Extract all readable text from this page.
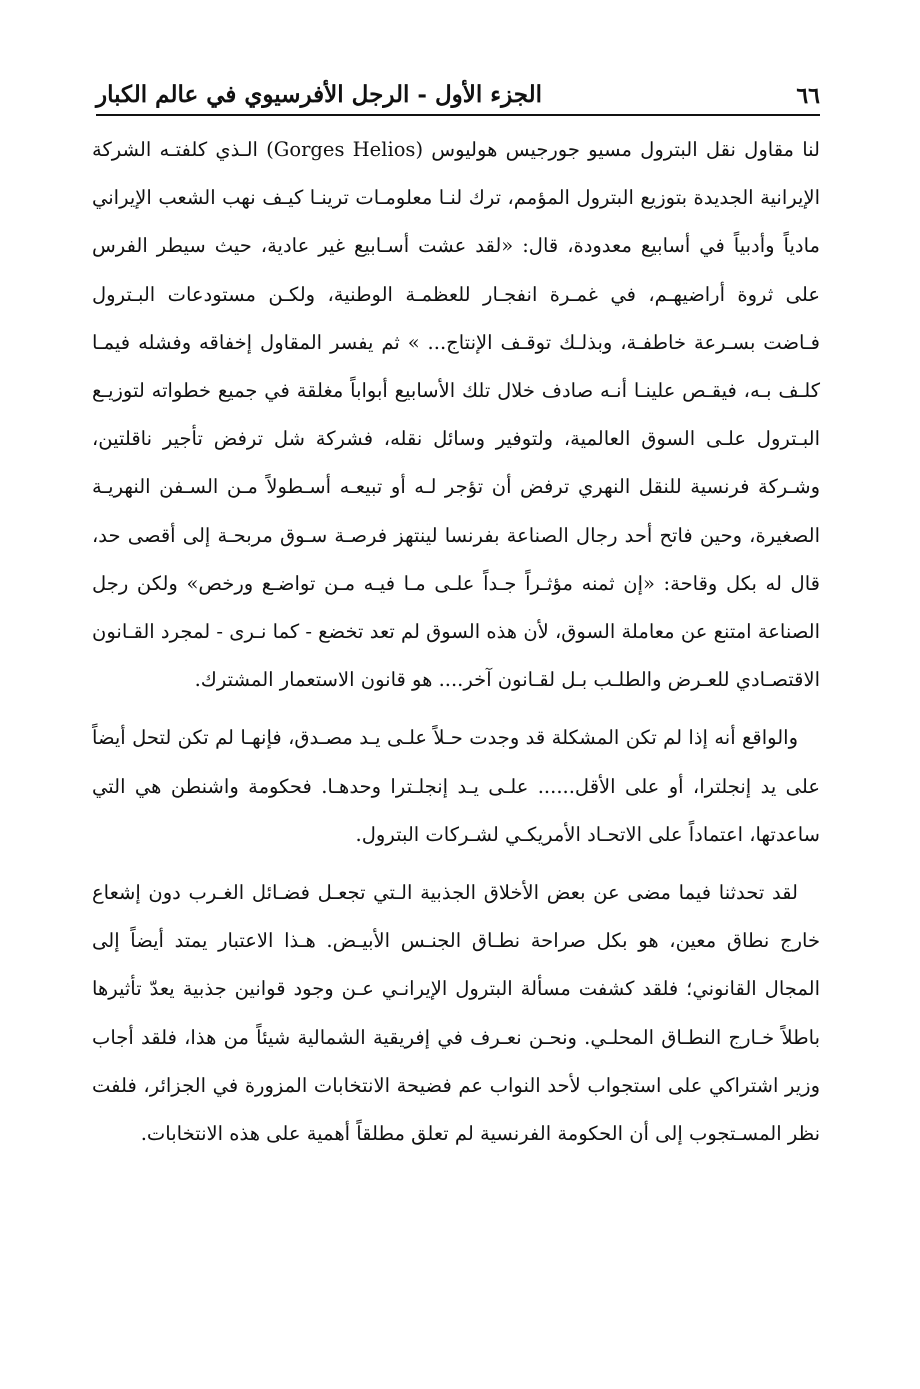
٦٦
الجزء الأول - الرجل الأفرسيوي في عالم الكبار

لنا مقاول نقل البترول مسيو جورجيس هوليوس (Gorges Helios) الـذي كلفتـه الشركة الإيرانية الجديدة بتوزيع البترول المؤمم، ترك لنـا معلومـات ترينـا كيـف نهب الشعب الإيراني مادياً وأدبياً في أسابيع معدودة، قال: «لقد عشت أسـابيع غير عادية، حيث سيطر الفرس على ثروة أراضيهـم، في غمـرة انفجـار للعظمـة الوطنية، ولكـن مستودعات البـترول فـاضت بسـرعة خاطفـة، وبذلـك توقـف الإنتاج... » ثم يفسر المقاول إخفاقه وفشله فيمـا كلـف بـه، فيقـص علينـا أنـه صادف خلال تلك الأسابيع أبواباً مغلقة في جميع خطواته لتوزيـع البـترول علـى السوق العالمية، ولتوفير وسائل نقله، فشركة شل ترفض تأجير ناقلتين، وشـركة فرنسية للنقل النهري ترفض أن تؤجر لـه أو تبيعـه أسـطولاً مـن السـفن النهريـة الصغيرة، وحين فاتح أحد رجال الصناعة بفرنسا لينتهز فرصـة سـوق مربحـة إلى أقصى حد، قال له بكل وقاحة: «إن ثمنه مؤثـراً جـداً علـى مـا فيـه مـن تواضـع ورخص» ولكن رجل الصناعة امتنع عن معاملة السوق، لأن هذه السوق لم تعد تخضع - كما نـرى - لمجرد القـانون الاقتصـادي للعـرض والطلـب بـل لقـانون آخر.... هو قانون الاستعمار المشترك.

والواقع أنه إذا لم تكن المشكلة قد وجدت حـلاً علـى يـد مصـدق، فإنهـا لم تكن لتحل أيضاً على يد إنجلترا، أو على الأقل...... علـى يـد إنجلـترا وحدهـا. فحكومة واشنطن هي التي ساعدتها، اعتماداً على الاتحـاد الأمريكـي لشـركات البترول.

لقد تحدثنا فيما مضى عن بعض الأخلاق الجذبية الـتي تجعـل فضـائل الغـرب دون إشعاع خارج نطاق معين، هو بكل صراحة نطـاق الجنـس الأبيـض. هـذا الاعتبار يمتد أيضاً إلى المجال القانوني؛ فلقد كشفت مسألة البترول الإيرانـي عـن وجود قوانين جذبية يعدّ تأثيرها باطلاً خـارج النطـاق المحلـي. ونحـن نعـرف في إفريقية الشمالية شيئاً من هذا، فلقد أجاب وزير اشتراكي على استجواب لأحد النواب عم فضيحة الانتخابات المزورة في الجزائر، فلفت نظر المسـتجوب إلى أن الحكومة الفرنسية لم تعلق مطلقاً أهمية على هذه الانتخابات.
